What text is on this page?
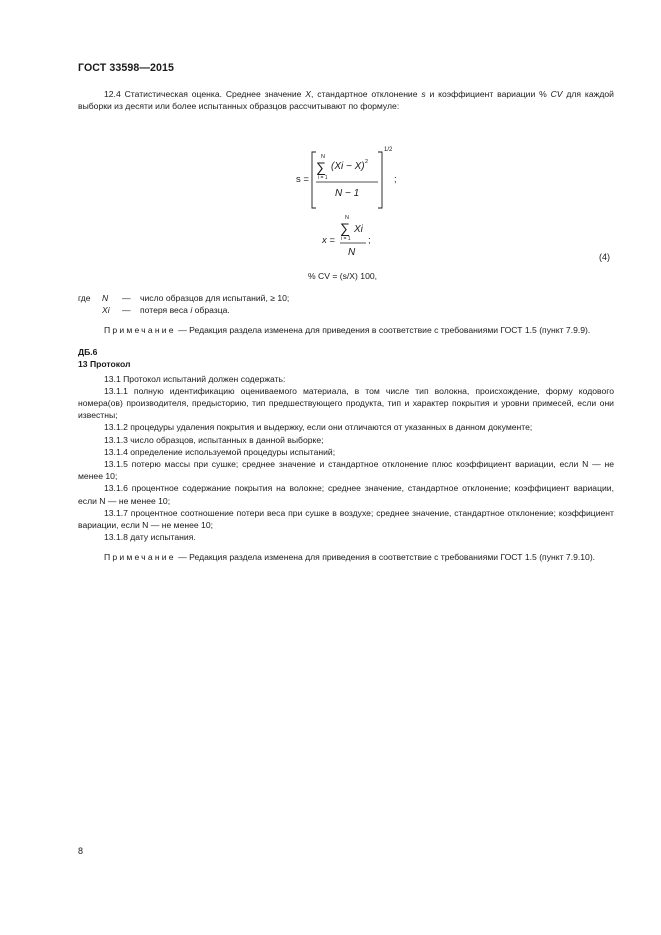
ГОСТ 33598—2015

12.4 Статистическая оценка. Среднее значение X, стандартное отклонение s и коэффициент вариации % CV для каждой выборки из десяти или более испытанных образцов рассчитывают по формуле:

s =
1/2
N
∑
i = 1
(Xi − X) 2
N − 1
;
x =
N
∑
i = 1
Xi
N
;
(4)
% CV = (s/X) 100,
где	N	—	число образцов для испытаний, ≥ 10;
Xi	—	потеря веса i образца.

Примечание — Редакция раздела изменена для приведения в соответствие с требованиями ГОСТ 1.5 (пункт 7.9.9).

ДБ.6
13 Протокол

13.1 Протокол испытаний должен содержать:

13.1.1 полную идентификацию оцениваемого материала, в том числе тип волокна, происхождение, форму кодового номера(ов) производителя, предысторию, тип предшествующего продукта, тип и характер покрытия и уровни примесей, если они известны;

13.1.2 процедуры удаления покрытия и выдержку, если они отличаются от указанных в данном документе;

13.1.3 число образцов, испытанных в данной выборке;

13.1.4 определение используемой процедуры испытаний;

13.1.5 потерю массы при сушке; среднее значение и стандартное отклонение плюс коэффициент вариации, если N — не менее 10;

13.1.6 процентное содержание покрытия на волокне; среднее значение, стандартное отклонение; коэффициент вариации, если N — не менее 10;

13.1.7 процентное соотношение потери веса при сушке в воздухе; среднее значение, стандартное отклонение; коэффициент вариации, если N — не менее 10;

13.1.8 дату испытания.

Примечание — Редакция раздела изменена для приведения в соответствие с требованиями ГОСТ 1.5 (пункт 7.9.10).

8
